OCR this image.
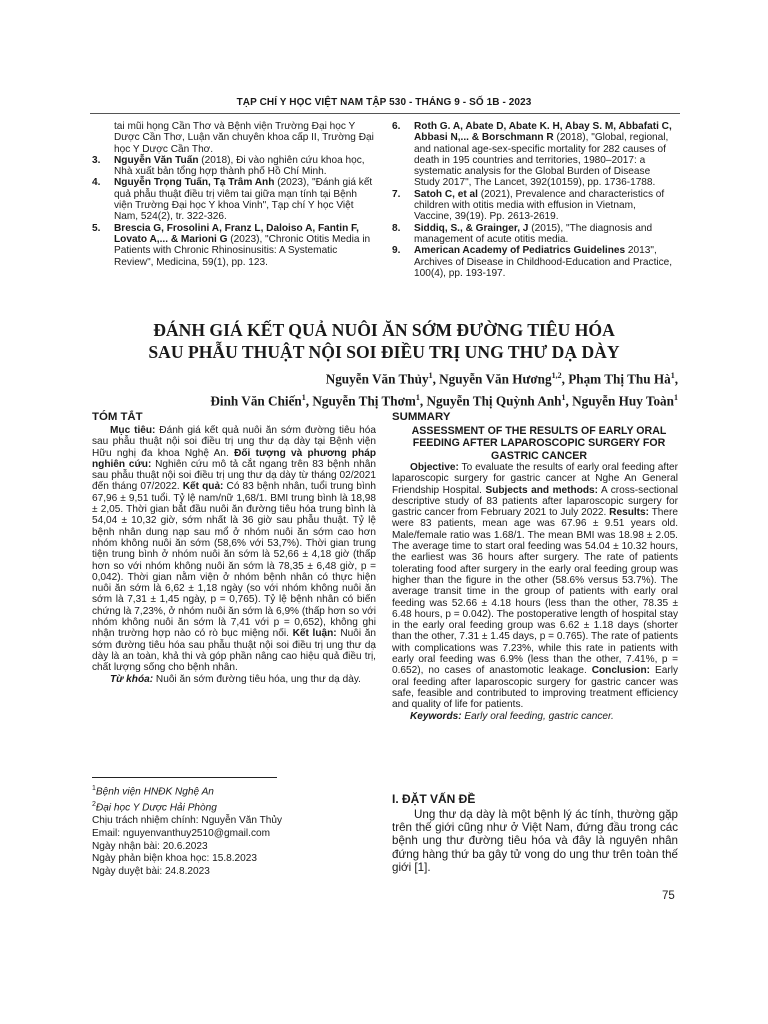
TẠP CHÍ Y HỌC VIỆT NAM TẬP 530 - THÁNG 9 - SỐ 1B - 2023
tai mũi họng Cần Thơ và Bệnh viện Trường Đại học Y Dược Cần Thơ, Luận văn chuyên khoa cấp II, Trường Đại học Y Dược Cần Thơ.
3. Nguyễn Văn Tuấn (2018), Đi vào nghiên cứu khoa học, Nhà xuất bản tổng hợp thành phố Hồ Chí Minh.
4. Nguyễn Trọng Tuấn, Tạ Trâm Anh (2023), "Đánh giá kết quả phẫu thuật điều trị viêm tai giữa mạn tính tại Bệnh viện Trường Đại học Y khoa Vinh", Tạp chí Y học Việt Nam, 524(2), tr. 322-326.
5. Brescia G, Frosolini A, Franz L, Daloiso A, Fantin F, Lovato A,... & Marioni G (2023), "Chronic Otitis Media in Patients with Chronic Rhinosinusitis: A Systematic Review", Medicina, 59(1), pp. 123.
6. Roth G. A, Abate D, Abate K. H, Abay S. M, Abbafati C, Abbasi N,... & Borschmann R (2018), "Global, regional, and national age-sex-specific mortality for 282 causes of death in 195 countries and territories, 1980–2017: a systematic analysis for the Global Burden of Disease Study 2017", The Lancet, 392(10159), pp. 1736-1788.
7. Satoh C, et al (2021), Prevalence and characteristics of children with otitis media with effusion in Vietnam, Vaccine, 39(19). Pp. 2613-2619.
8. Siddiq, S., & Grainger, J (2015), "The diagnosis and management of acute otitis media.
9. American Academy of Pediatrics Guidelines 2013", Archives of Disease in Childhood-Education and Practice, 100(4), pp. 193-197.
ĐÁNH GIÁ KẾT QUẢ NUÔI ĂN SỚM ĐƯỜNG TIÊU HÓA
SAU PHẪU THUẬT NỘI SOI ĐIỀU TRỊ UNG THƯ DẠ DÀY
Nguyễn Văn Thủy$^1$, Nguyễn Văn Hương$^{1,2}$, Phạm Thị Thu $Hà^1$,
Đinh Văn Chiến$^1$, Nguyễn Thị Thơm$^1$, Nguyễn Thị Quỳnh Anh$^1$, Nguyễn Huy Toàn$^1$
TÓM TẮT

Mục tiêu: Đánh giá kết quả nuôi ăn sớm đường tiêu hóa sau phẫu thuật nội soi điều trị ung thư dạ dày tại Bệnh viện Hữu nghị đa khoa Nghệ An. Đối tượng và phương pháp nghiên cứu: Nghiên cứu mô tả cắt ngang trên 83 bệnh nhân sau phẫu thuật nội soi điều trị ung thư dạ dày từ tháng 02/2021 đến tháng 07/2022. Kết quả: Có 83 bệnh nhân, tuổi trung bình 67,96 ± 9,51 tuổi. Tỷ lệ nam/nữ 1,68/1. BMI trung bình là 18,98 ± 2,05. Thời gian bắt đầu nuôi ăn đường tiêu hóa trung bình là 54,04 ± 10,32 giờ, sớm nhất là 36 giờ sau phẫu thuật. Tỷ lệ bệnh nhân dung nạp sau mổ ở nhóm nuôi ăn sớm cao hơn nhóm không nuôi ăn sớm (58,6% với 53,7%). Thời gian trung tiện trung bình ở nhóm nuôi ăn sớm là 52,66 ± 4,18 giờ (thấp hơn so với nhóm không nuôi ăn sớm là 78,35 ± 6,48 giờ, p = 0,042). Thời gian nằm viện ở nhóm bệnh nhân có thực hiện nuôi ăn sớm là 6,62 ± 1,18 ngày (so với nhóm không nuôi ăn sớm là 7,31 ± 1,45 ngày, p = 0,765). Tỷ lệ bệnh nhân có biến chứng là 7,23%, ở nhóm nuôi ăn sớm là 6,9% (thấp hơn so với nhóm không nuôi ăn sớm là 7,41 với p = 0,652), không ghi nhận trường hợp nào có rò bục miệng nối. Kết luận: Nuôi ăn sớm đường tiêu hóa sau phẫu thuật nội soi điều trị ung thư dạ dày là an toàn, khả thi và góp phần nâng cao hiệu quả điều trị, chất lượng sống cho bệnh nhân.

Từ khóa: Nuôi ăn sớm đường tiêu hóa, ung thư dạ dày.

SUMMARY
ASSESSMENT OF THE RESULTS OF EARLY ORAL FEEDING AFTER LAPAROSCOPIC SURGERY FOR GASTRIC CANCER

Objective: To evaluate the results of early oral feeding after laparoscopic surgery for gastric cancer at Nghe An General Friendship Hospital. Subjects and methods: A cross-sectional descriptive study of 83 patients after laparoscopic surgery for gastric cancer from February 2021 to July 2022. Results: There were 83 patients, mean age was 67.96 ± 9.51 years old. Male/female ratio was 1.68/1. The mean BMI was 18.98 ± 2.05. The average time to start oral feeding was 54.04 ± 10.32 hours, the earliest was 36 hours after surgery. The rate of patients tolerating food after surgery in the early oral feeding group was higher than the figure in the other (58.6% versus 53.7%). The average transit time in the group of patients with early oral feeding was 52.66 ± 4.18 hours (less than the other, 78.35 ± 6.48 hours, p = 0.042). The postoperative length of hospital stay in the early oral feeding group was 6.62 ± 1.18 days (shorter than the other, 7.31 ± 1.45 days, p = 0.765). The rate of patients with complications was 7.23%, while this rate in patients with early oral feeding was 6.9% (less than the other, 7.41%, p = 0.652), no cases of anastomotic leakage. Conclusion: Early oral feeding after laparoscopic surgery for gastric cancer was safe, feasible and contributed to improving treatment efficiency and quality of life for patients.

Keywords: Early oral feeding, gastric cancer.

$^1$Bệnh viện HNĐK Nghệ An
$^2$Đại học Y Dược Hải Phòng
Chịu trách nhiệm chính: Nguyễn Văn Thủy
Email: nguyenvanthuy2510@gmail.com
Ngày nhận bài: 20.6.2023
Ngày phản biện khoa học: 15.8.2023
Ngày duyệt bài: 24.8.2023
I. ĐẶT VẤN ĐỀ

Ung thư dạ dày là một bệnh lý ác tính, thường gặp trên thế giới cũng như ở Việt Nam, đứng đầu trong các bệnh ung thư đường tiêu hóa và đây là nguyên nhân đứng hàng thứ ba gây tử vong do ung thư trên toàn thế giới [1].

75
